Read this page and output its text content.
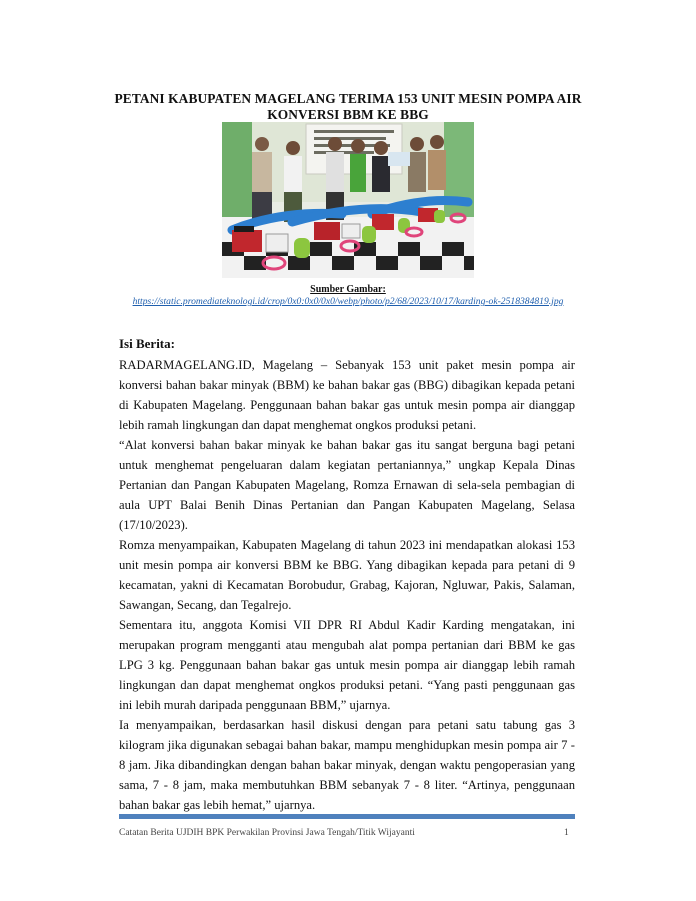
PETANI KABUPATEN MAGELANG TERIMA 153 UNIT MESIN POMPA AIR KONVERSI BBM KE BBG
Sumber Gambar:
https://static.promediateknologi.id/crop/0x0:0x0/0x0/webp/photo/p2/68/2023/10/17/karding-ok-2518384819.jpg
Isi Berita:

RADARMAGELANG.ID, Magelang – Sebanyak 153 unit paket mesin pompa air konversi bahan bakar minyak (BBM) ke bahan bakar gas (BBG) dibagikan kepada petani di Kabupaten Magelang. Penggunaan bahan bakar gas untuk mesin pompa air dianggap lebih ramah lingkungan dan dapat menghemat ongkos produksi petani.

“Alat konversi bahan bakar minyak ke bahan bakar gas itu sangat berguna bagi petani untuk menghemat pengeluaran dalam kegiatan pertaniannya,” ungkap Kepala Dinas Pertanian dan Pangan Kabupaten Magelang, Romza Ernawan di sela-sela pembagian di aula UPT Balai Benih Dinas Pertanian dan Pangan Kabupaten Magelang, Selasa (17/10/2023).

Romza menyampaikan, Kabupaten Magelang di tahun 2023 ini mendapatkan alokasi 153 unit mesin pompa air konversi BBM ke BBG. Yang dibagikan kepada para petani di 9 kecamatan, yakni di Kecamatan Borobudur, Grabag, Kajoran, Ngluwar, Pakis, Salaman, Sawangan, Secang, dan Tegalrejo.

Sementara itu, anggota Komisi VII DPR RI Abdul Kadir Karding mengatakan, ini merupakan program mengganti atau mengubah alat pompa pertanian dari BBM ke gas LPG 3 kg. Penggunaan bahan bakar gas untuk mesin pompa air dianggap lebih ramah lingkungan dan dapat menghemat ongkos produksi petani. “Yang pasti penggunaan gas ini lebih murah daripada penggunaan BBM,” ujarnya.

Ia menyampaikan, berdasarkan hasil diskusi dengan para petani satu tabung gas 3 kilogram jika digunakan sebagai bahan bakar, mampu menghidupkan mesin pompa air 7 - 8 jam. Jika dibandingkan dengan bahan bakar minyak, dengan waktu pengoperasian yang sama, 7 - 8 jam, maka membutuhkan BBM sebanyak 7 - 8 liter. “Artinya, penggunaan bahan bakar gas lebih hemat,” ujarnya.

Catatan Berita UJDIH BPK Perwakilan Provinsi Jawa Tengah/Titik Wijayanti	1
